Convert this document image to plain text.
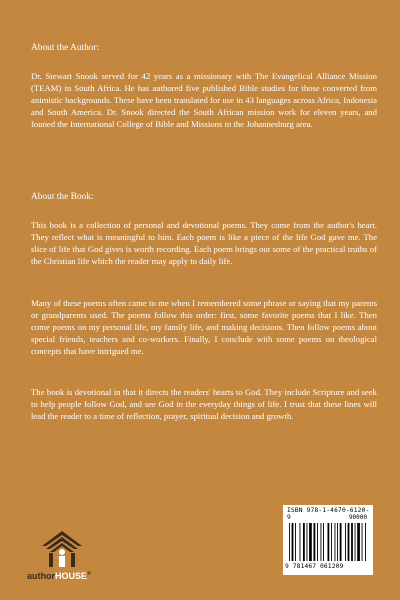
About the Author:

Dr. Stewart Snook served for 42 years as a missionary with The Evangelical Alliance Mission (TEAM) in South Africa. He has authored five published Bible studies for those converted from animistic backgrounds. These have been translated for use in 43 languages across Africa, Indonesia and South America. Dr. Snook directed the South African mission work for eleven years, and founed the International College of Bible and Missions in the Johannesburg area.

About the Book:

This book is a collection of personal and devotional poems. They come from the author's heart. They reflect what is meaningful to him. Each poem is like a piece of the life God gave me. The slice of life that God gives is worth recording. Each poem brings out some of the practical truths of the Christian life which the reader may apply to daily life.

Many of these poems often came to me when I remembered some phrase or saying that my parents or grandparents used. The poems follow this order: first, some favorite poems that I like. Then come poems on my personal life, my family life, and making decisions. Then follow poems about special friends, teachers and co-workers. Finally, I conclude with some poems on theological concepts that have intrigued me.

The book is devotional in that it directs the readers' hearts to God. They include Scripture and seek to help people follow God, and see God in the everyday things of life. I trust that these lines will lead the reader to a time of reflection, prayer, spiritual decision and growth.

ISBN 978-1-4670-6120-9	90000
9 781467 061209
authorHOUSE®
